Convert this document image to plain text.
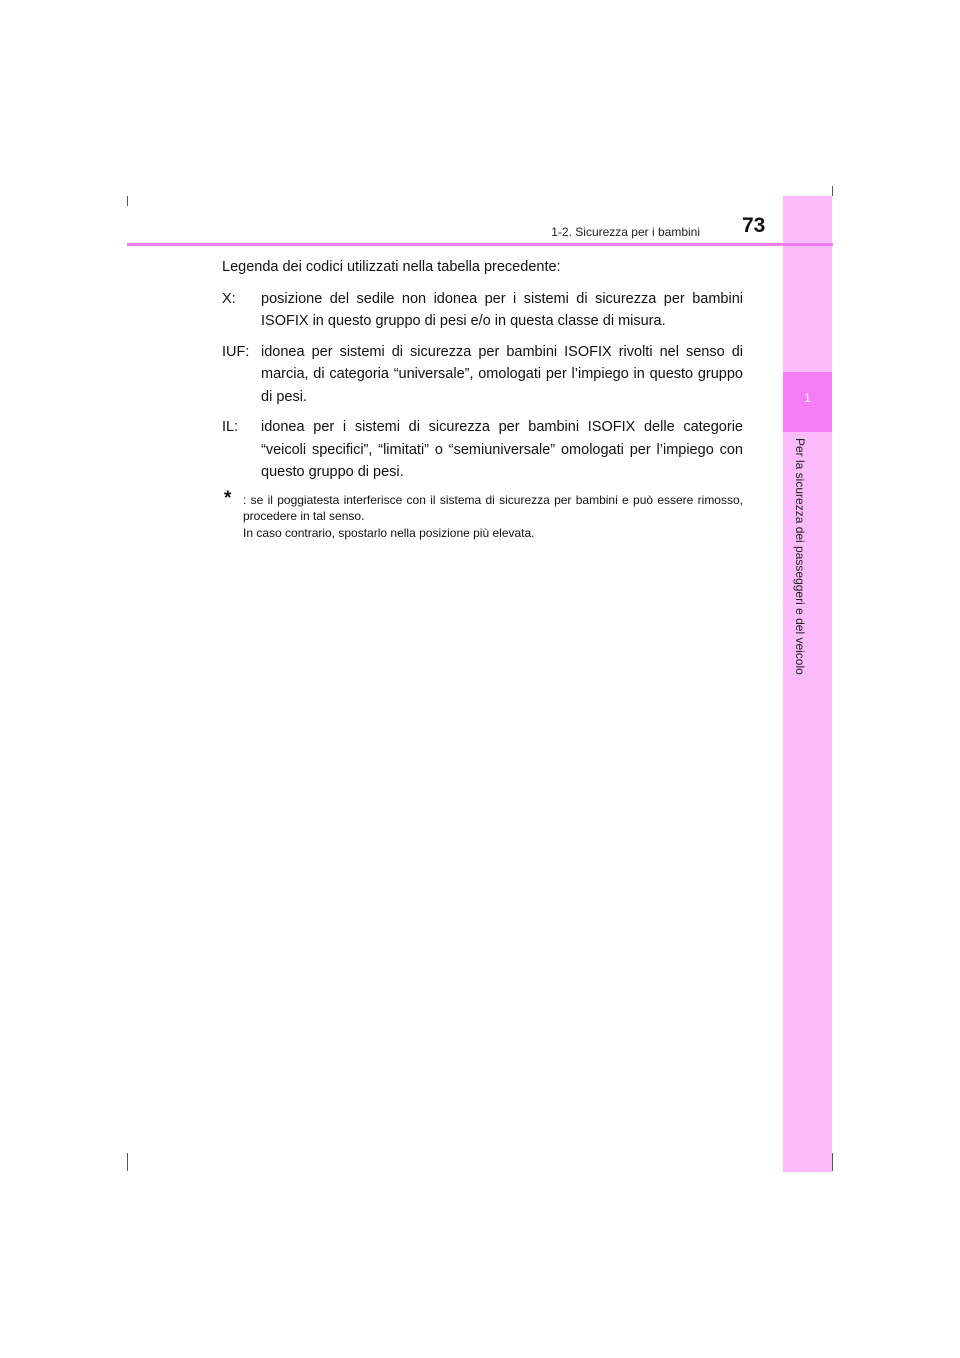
1
Per la sicurezza dei passeggeri e del veicolo
1-2. Sicurezza per i bambini 73

Legenda dei codici utilizzati nella tabella precedente:

X: posizione del sedile non idonea per i sistemi di sicurezza per bambini ISOFIX in questo gruppo di pesi e/o in questa classe di misura.
IUF: idonea per sistemi di sicurezza per bambini ISOFIX rivolti nel senso di marcia, di categoria “universale”, omologati per l’impiego in questo gruppo di pesi.
IL: idonea per i sistemi di sicurezza per bambini ISOFIX delle categorie “veicoli specifici”, “limitati” o “semiuniversale” omologati per l’impiego con questo gruppo di pesi.
* : se il poggiatesta interferisce con il sistema di sicurezza per bambini e può essere rimosso, procedere in tal senso.

In caso contrario, spostarlo nella posizione più elevata.
